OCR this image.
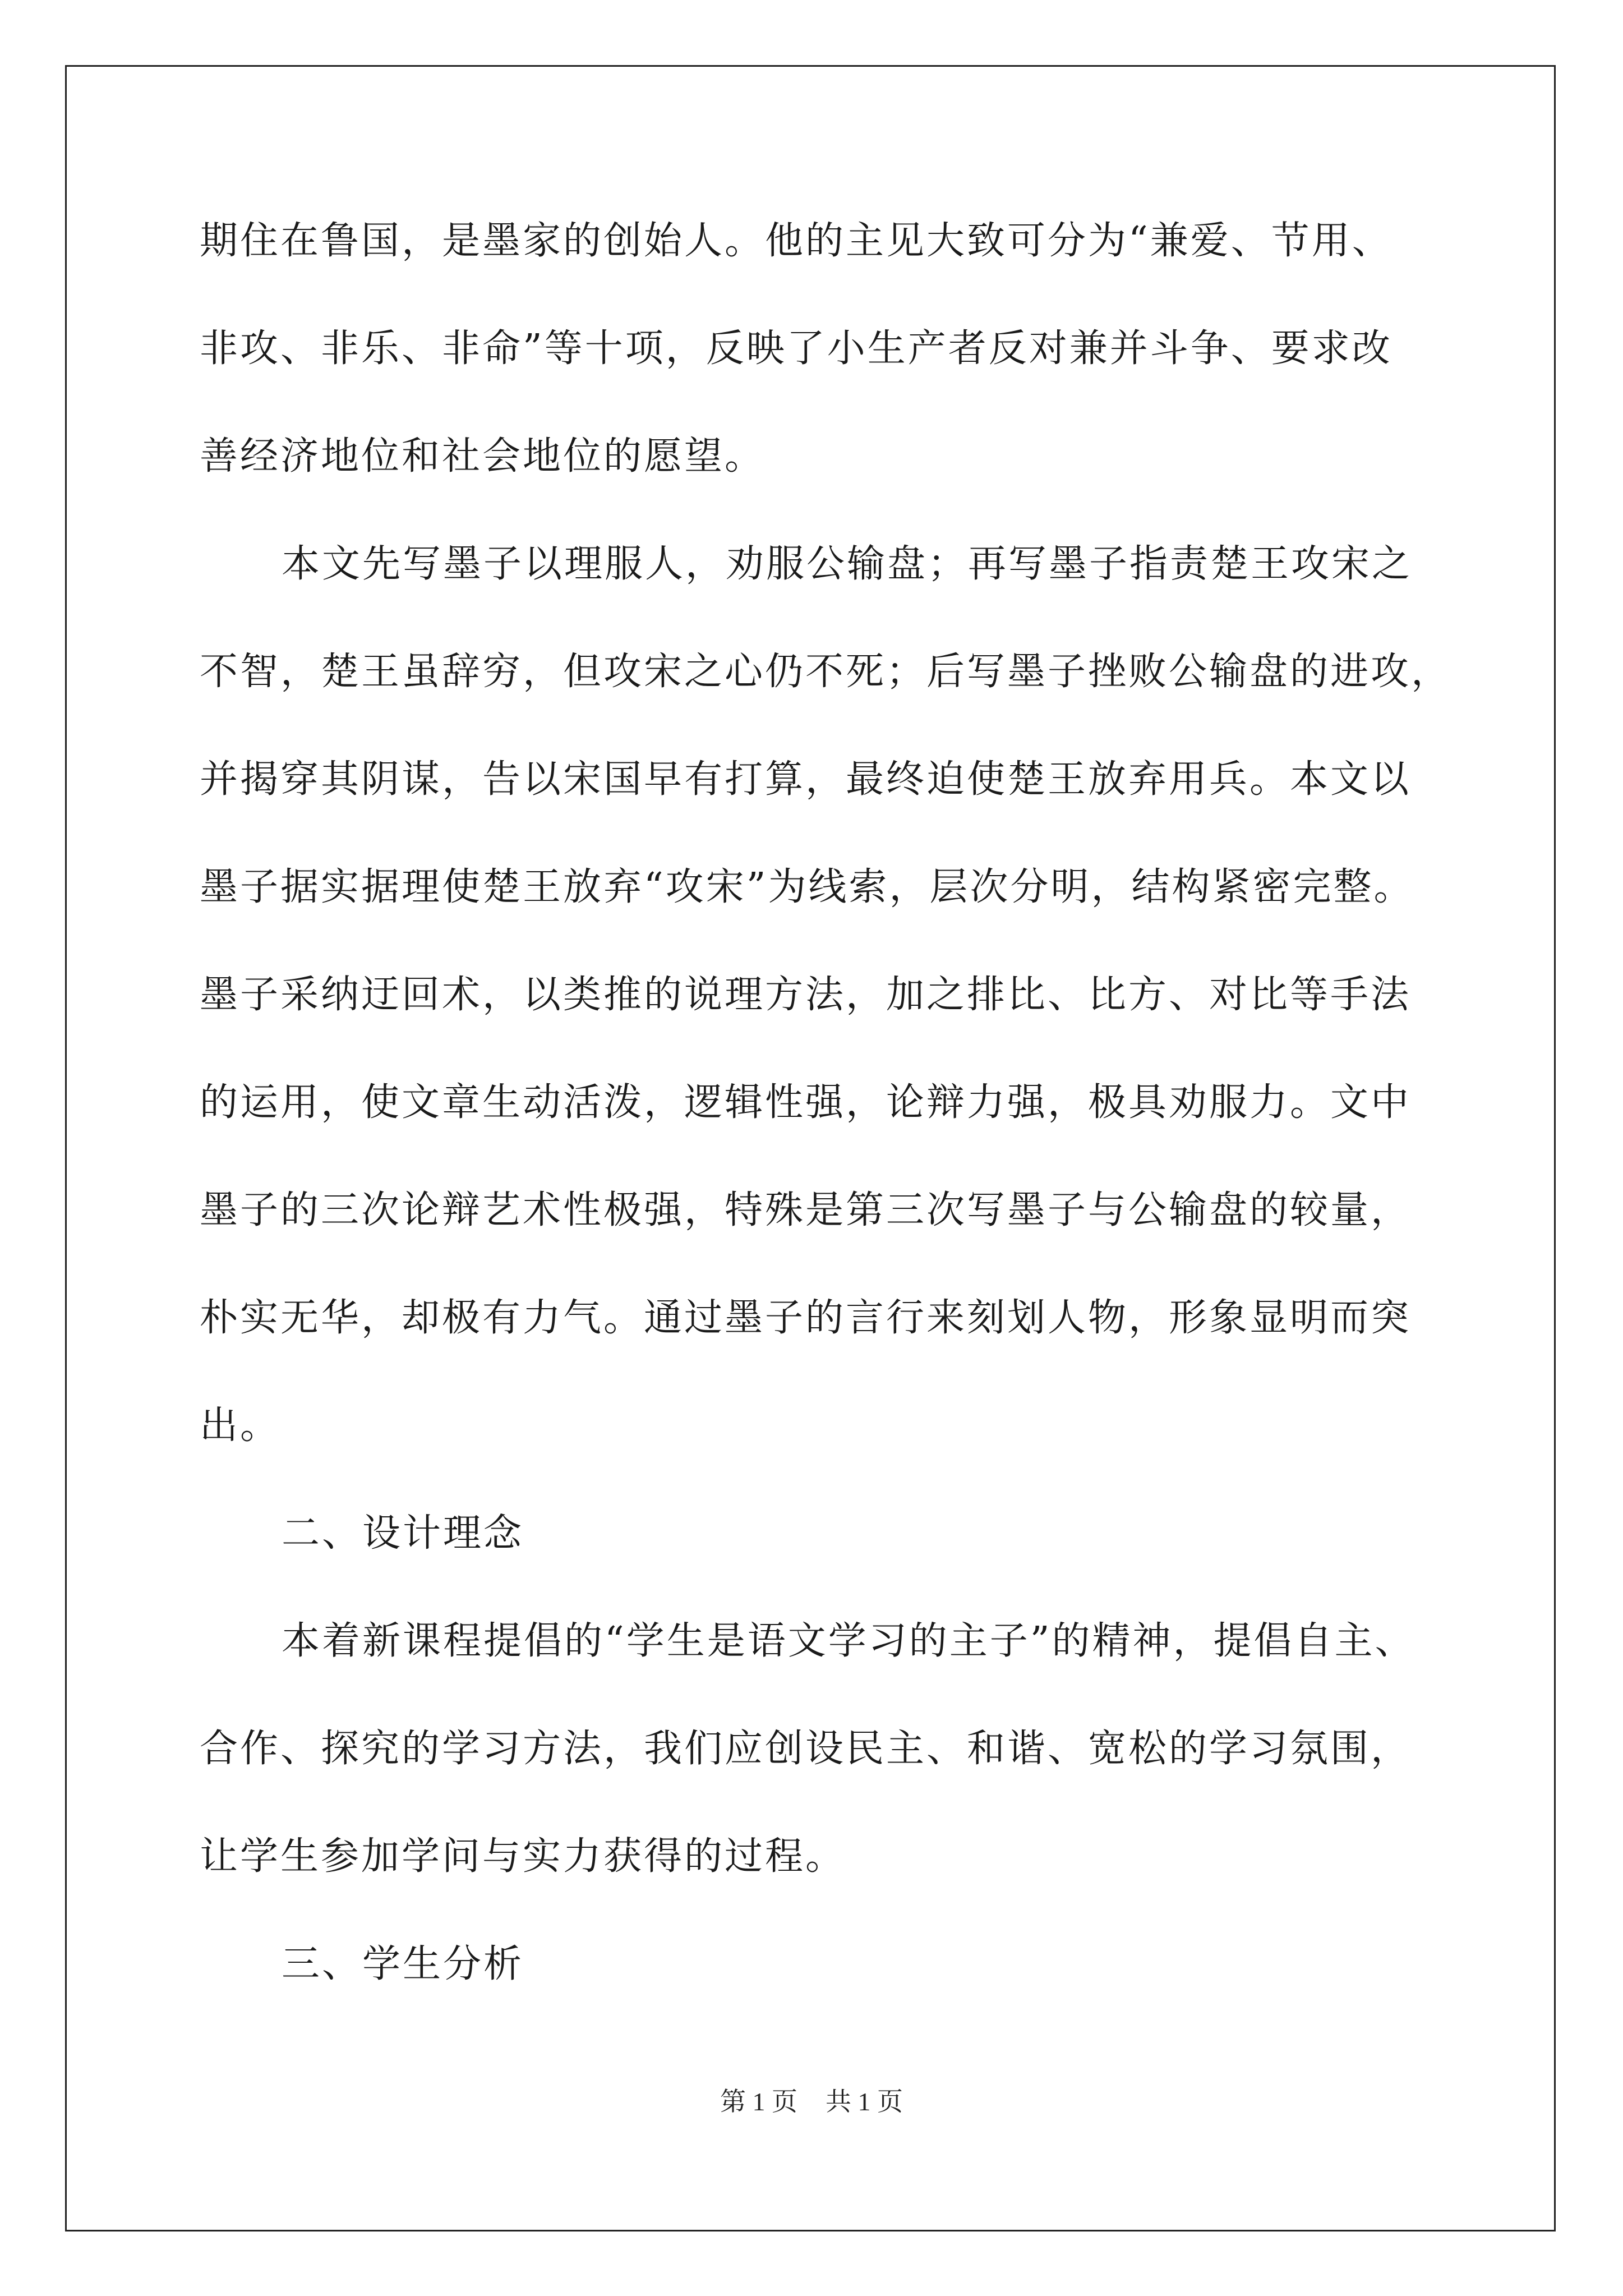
期住在鲁国，是墨家的创始人。他的主见大致可分为“兼爱、节用、
非攻、非乐、非命”等十项，反映了小生产者反对兼并斗争、要求改
善经济地位和社会地位的愿望。
本文先写墨子以理服人，劝服公输盘；再写墨子指责楚王攻宋之
不智，楚王虽辞穷，但攻宋之心仍不死；后写墨子挫败公输盘的进攻，
并揭穿其阴谋，告以宋国早有打算，最终迫使楚王放弃用兵。本文以
墨子据实据理使楚王放弃“攻宋”为线索，层次分明，结构紧密完整。
墨子采纳迂回术，以类推的说理方法，加之排比、比方、对比等手法
的运用，使文章生动活泼，逻辑性强，论辩力强，极具劝服力。文中
墨子的三次论辩艺术性极强，特殊是第三次写墨子与公输盘的较量，
朴实无华，却极有力气。通过墨子的言行来刻划人物，形象显明而突
出。
二、设计理念
本着新课程提倡的“学生是语文学习的主子”的精神，提倡自主、
合作、探究的学习方法，我们应创设民主、和谐、宽松的学习氛围，
让学生参加学问与实力获得的过程。
三、学生分析
第 1 页 共 1 页
